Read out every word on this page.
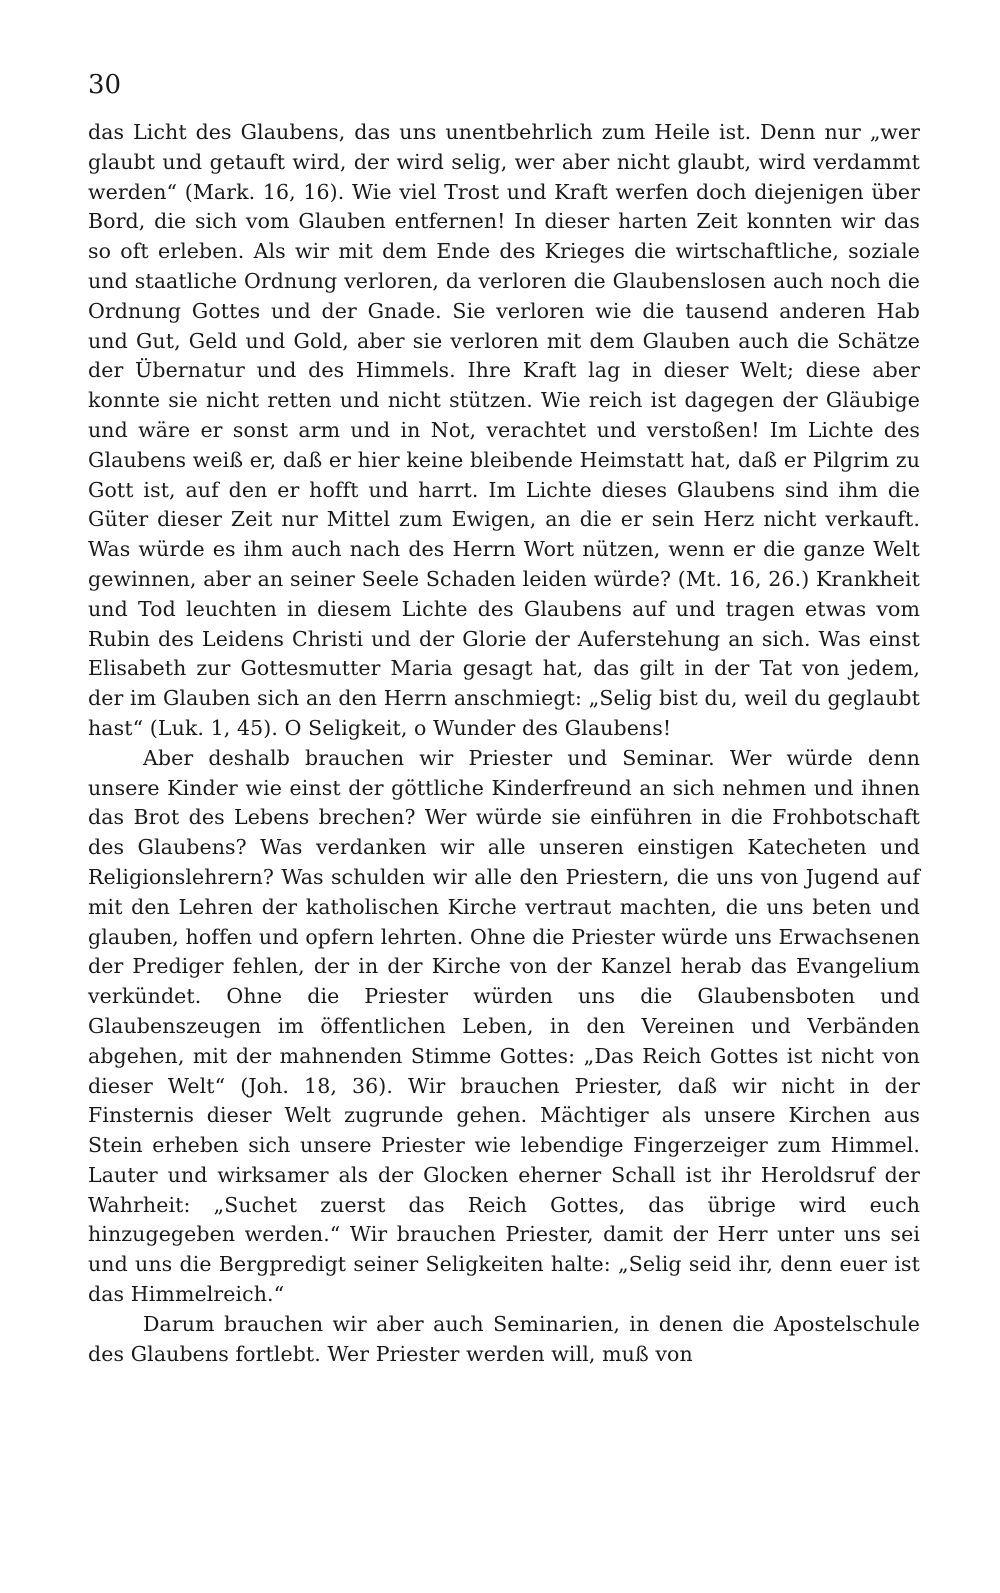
30

das Licht des Glaubens, das uns unentbehrlich zum Heile ist. Denn nur „wer glaubt und getauft wird, der wird selig, wer aber nicht glaubt, wird verdammt werden“ (Mark. 16, 16). Wie viel Trost und Kraft werfen doch diejenigen über Bord, die sich vom Glauben entfernen! In dieser harten Zeit konnten wir das so oft erleben. Als wir mit dem Ende des Krieges die wirtschaftliche, soziale und staatliche Ordnung verloren, da verloren die Glaubenslosen auch noch die Ordnung Gottes und der Gnade. Sie verloren wie die tausend anderen Hab und Gut, Geld und Gold, aber sie verloren mit dem Glauben auch die Schätze der Übernatur und des Himmels. Ihre Kraft lag in dieser Welt; diese aber konnte sie nicht retten und nicht stützen. Wie reich ist dagegen der Gläubige und wäre er sonst arm und in Not, verachtet und verstoßen! Im Lichte des Glaubens weiß er, daß er hier keine bleibende Heimstatt hat, daß er Pilgrim zu Gott ist, auf den er hofft und harrt. Im Lichte dieses Glaubens sind ihm die Güter dieser Zeit nur Mittel zum Ewigen, an die er sein Herz nicht verkauft. Was würde es ihm auch nach des Herrn Wort nützen, wenn er die ganze Welt gewinnen, aber an seiner Seele Schaden leiden würde? (Mt. 16, 26.) Krankheit und Tod leuchten in diesem Lichte des Glaubens auf und tragen etwas vom Rubin des Leidens Christi und der Glorie der Auferstehung an sich. Was einst Elisabeth zur Gottesmutter Maria gesagt hat, das gilt in der Tat von jedem, der im Glauben sich an den Herrn anschmiegt: „Selig bist du, weil du geglaubt hast“ (Luk. 1, 45). O Seligkeit, o Wunder des Glaubens!

Aber deshalb brauchen wir Priester und Seminar. Wer würde denn unsere Kinder wie einst der göttliche Kinderfreund an sich nehmen und ihnen das Brot des Lebens brechen? Wer würde sie einführen in die Frohbotschaft des Glaubens? Was verdanken wir alle unseren einstigen Katecheten und Religionslehrern? Was schulden wir alle den Priestern, die uns von Jugend auf mit den Lehren der katholischen Kirche vertraut machten, die uns beten und glauben, hoffen und opfern lehrten. Ohne die Priester würde uns Erwachsenen der Prediger fehlen, der in der Kirche von der Kanzel herab das Evangelium verkündet. Ohne die Priester würden uns die Glaubensboten und Glaubenszeugen im öffentlichen Leben, in den Vereinen und Verbänden abgehen, mit der mahnenden Stimme Gottes: „Das Reich Gottes ist nicht von dieser Welt“ (Joh. 18, 36). Wir brauchen Priester, daß wir nicht in der Finsternis dieser Welt zugrunde gehen. Mächtiger als unsere Kirchen aus Stein erheben sich unsere Priester wie lebendige Fingerzeiger zum Himmel. Lauter und wirksamer als der Glocken eherner Schall ist ihr Heroldsruf der Wahrheit: „Suchet zuerst das Reich Gottes, das übrige wird euch hinzugegeben werden.“ Wir brauchen Priester, damit der Herr unter uns sei und uns die Bergpredigt seiner Seligkeiten halte: „Selig seid ihr, denn euer ist das Himmelreich.“

Darum brauchen wir aber auch Seminarien, in denen die Apostelschule des Glaubens fortlebt. Wer Priester werden will, muß von
